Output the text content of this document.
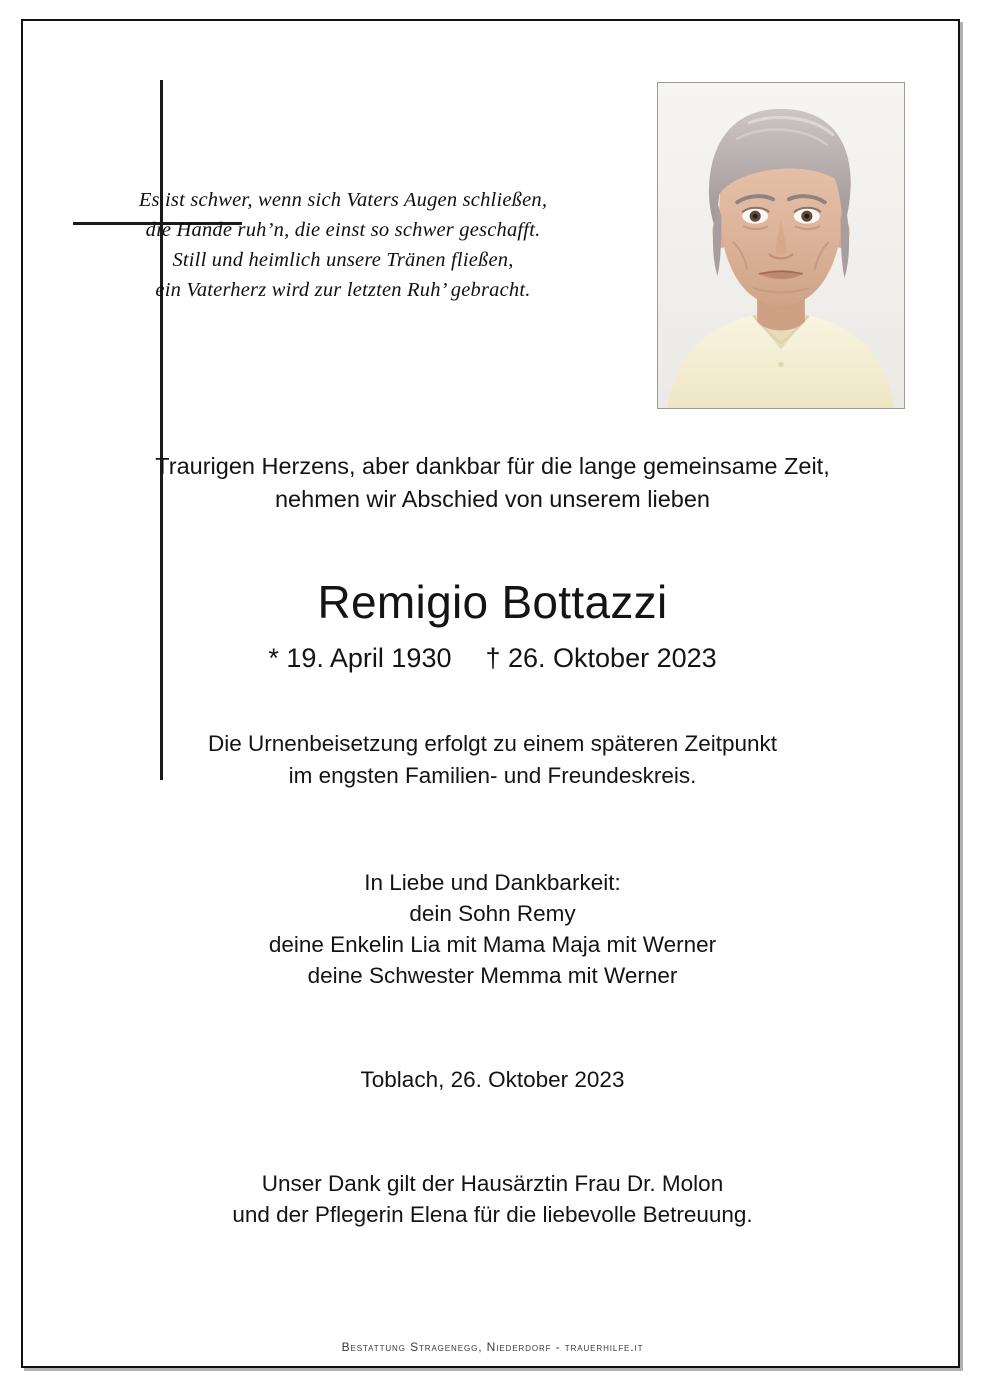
Es ist schwer, wenn sich Vaters Augen schließen,
die Hände ruh’n, die einst so schwer geschafft.
Still und heimlich unsere Tränen fließen,
ein Vaterherz wird zur letzten Ruh’ gebracht.
Traurigen Herzens, aber dankbar für die lange gemeinsame Zeit,
nehmen wir Abschied von unserem lieben
Remigio Bottazzi
* 19. April 1930 † 26. Oktober 2023
Die Urnenbeisetzung erfolgt zu einem späteren Zeitpunkt
im engsten Familien- und Freundeskreis.
In Liebe und Dankbarkeit:
dein Sohn Remy
deine Enkelin Lia mit Mama Maja mit Werner
deine Schwester Memma mit Werner
Toblach, 26. Oktober 2023
Unser Dank gilt der Hausärztin Frau Dr. Molon
und der Pflegerin Elena für die liebevolle Betreuung.
Bestattung Stragenegg, Niederdorf - trauerhilfe.it
